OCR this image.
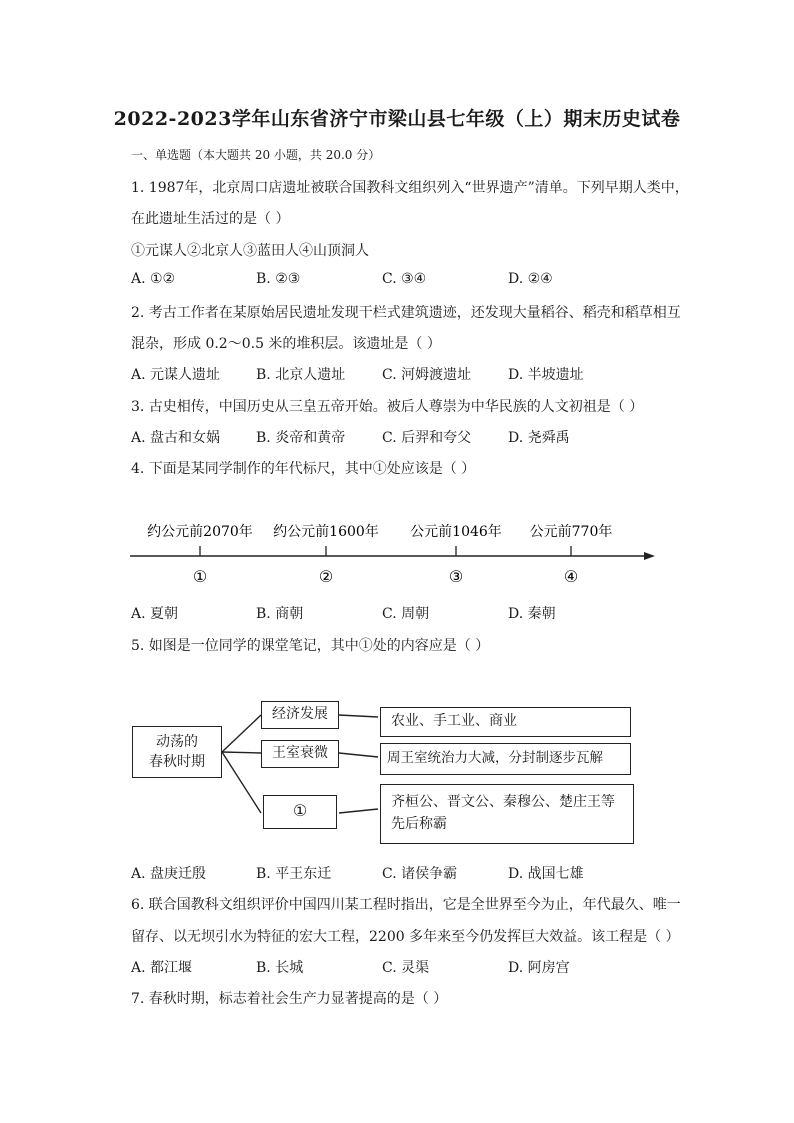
2022-2023学年山东省济宁市梁山县七年级（上）期末历史试卷
一、单选题（本大题共 20 小题，共 20.0 分）
1. 1987年，北京周口店遗址被联合国教科文组织列入“世界遗产”清单。下列早期人类中，
在此遗址生活过的是（ ）
①元谋人②北京人③蓝田人④山顶洞人
A. ①②	B. ②③	C. ③④	D. ②④
2. 考古工作者在某原始居民遗址发现干栏式建筑遗迹，还发现大量稻谷、稻壳和稻草相互
混杂，形成 0.2～0.5 米的堆积层。该遗址是（ ）
A. 元谋人遗址	B. 北京人遗址	C. 河姆渡遗址	D. 半坡遗址
3. 古史相传，中国历史从三皇五帝开始。被后人尊崇为中华民族的人文初祖是（ ）
A. 盘古和女娲	B. 炎帝和黄帝	C. 后羿和夸父	D. 尧舜禹
4. 下面是某同学制作的年代标尺，其中①处应该是（ ）
约公元前2070年 约公元前1600年 公元前1046年 公元前770年
①	②	③	④
A. 夏朝	B. 商朝	C. 周朝	D. 秦朝
5. 如图是一位同学的课堂笔记，其中①处的内容应是（ ）
动荡的
春秋时期
经济发展
王室衰微
①
农业、手工业、商业
周王室统治力大减，分封制逐步瓦解
齐桓公、晋文公、秦穆公、楚庄王等
先后称霸
A. 盘庚迁殷	B. 平王东迁	C. 诸侯争霸	D. 战国七雄
6. 联合国教科文组织评价中国四川某工程时指出，它是全世界至今为止，年代最久、唯一
留存、以无坝引水为特征的宏大工程，2200 多年来至今仍发挥巨大效益。该工程是（ ）
A. 都江堰	B. 长城	C. 灵渠	D. 阿房宫
7. 春秋时期，标志着社会生产力显著提高的是（ ）
